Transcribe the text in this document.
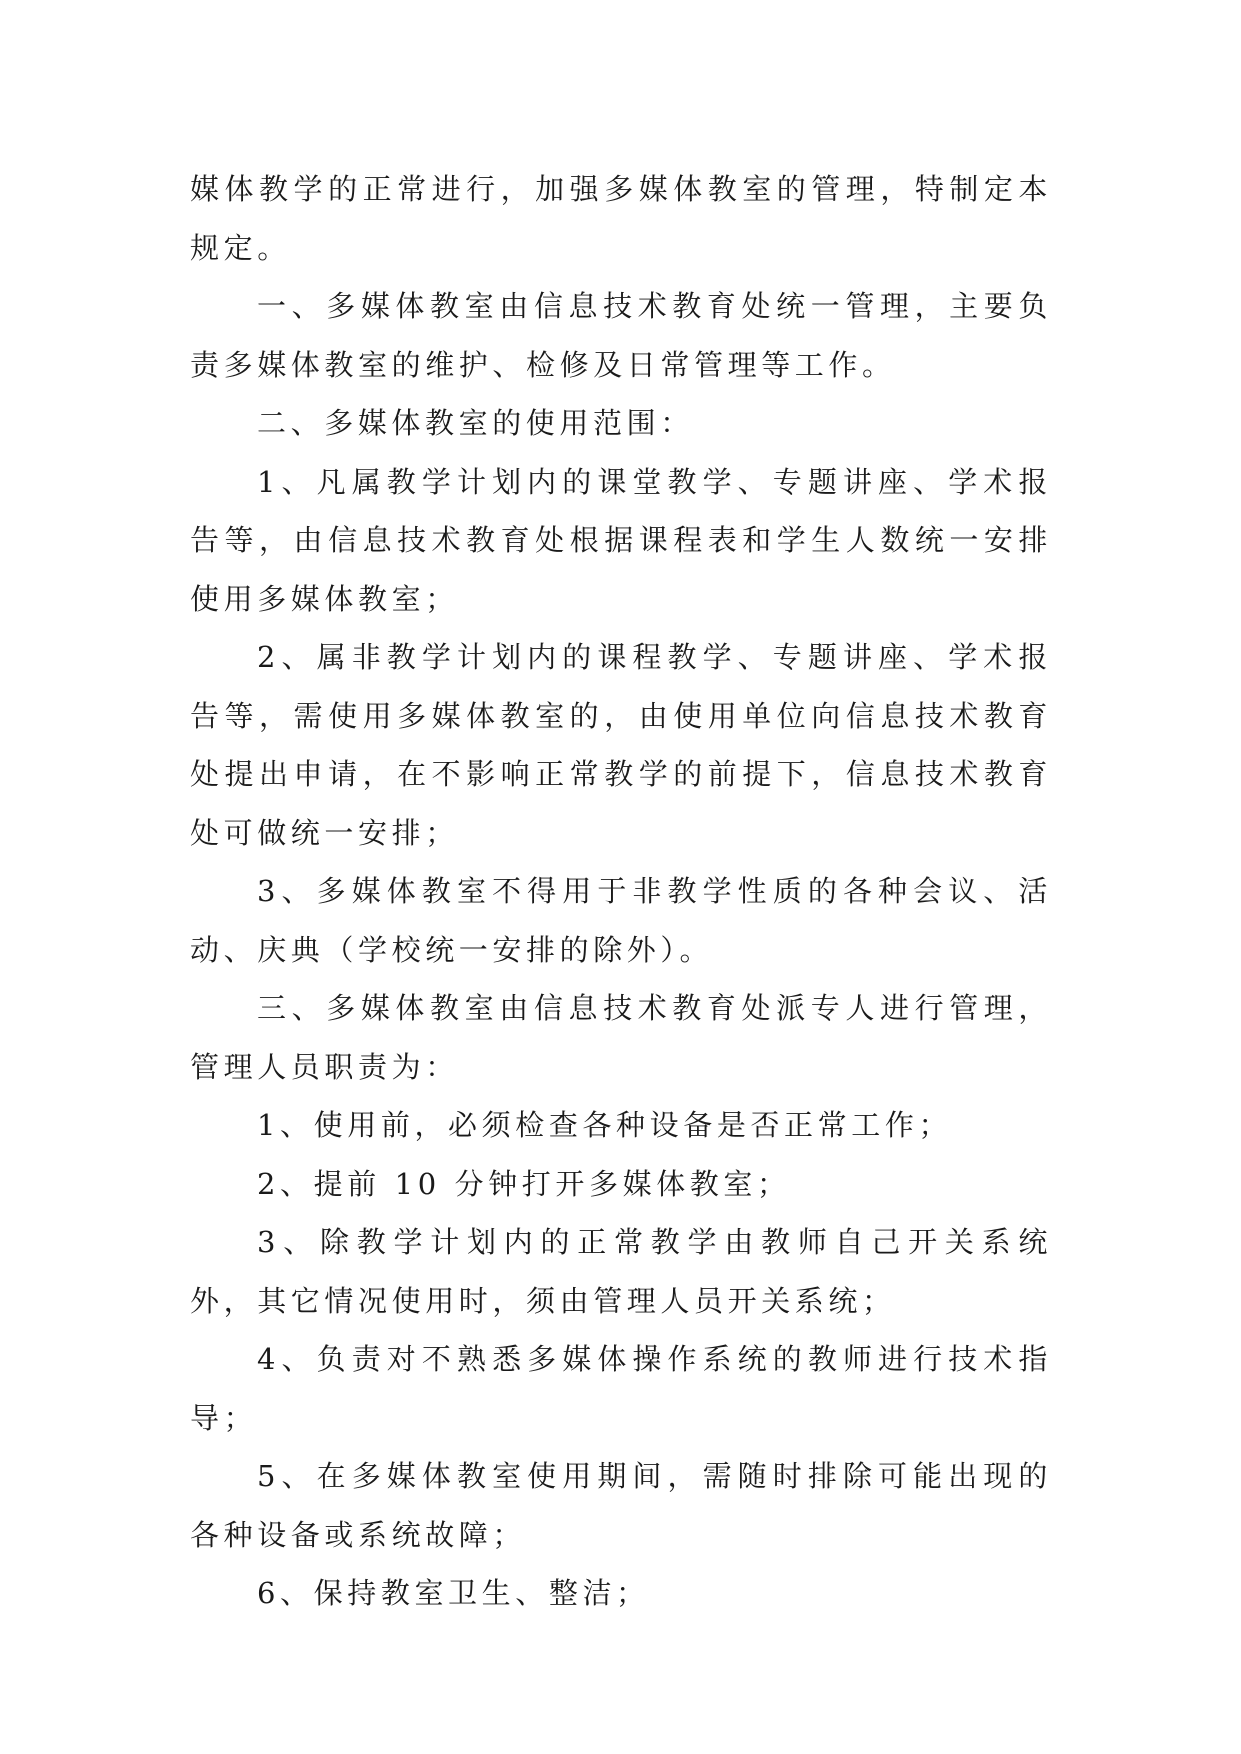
媒体教学的正常进行，加强多媒体教室的管理，特制定本规定。

一、多媒体教室由信息技术教育处统一管理，主要负责多媒体教室的维护、检修及日常管理等工作。

二、多媒体教室的使用范围：

1、凡属教学计划内的课堂教学、专题讲座、学术报告等，由信息技术教育处根据课程表和学生人数统一安排使用多媒体教室；

2、属非教学计划内的课程教学、专题讲座、学术报告等，需使用多媒体教室的，由使用单位向信息技术教育处提出申请，在不影响正常教学的前提下，信息技术教育处可做统一安排；

3、多媒体教室不得用于非教学性质的各种会议、活动、庆典（学校统一安排的除外）。

三、多媒体教室由信息技术教育处派专人进行管理，管理人员职责为：

1、使用前，必须检查各种设备是否正常工作；

2、提前 10 分钟打开多媒体教室；

3、除教学计划内的正常教学由教师自己开关系统外，其它情况使用时，须由管理人员开关系统；

4、负责对不熟悉多媒体操作系统的教师进行技术指导；

5、在多媒体教室使用期间，需随时排除可能出现的各种设备或系统故障；

6、保持教室卫生、整洁；
